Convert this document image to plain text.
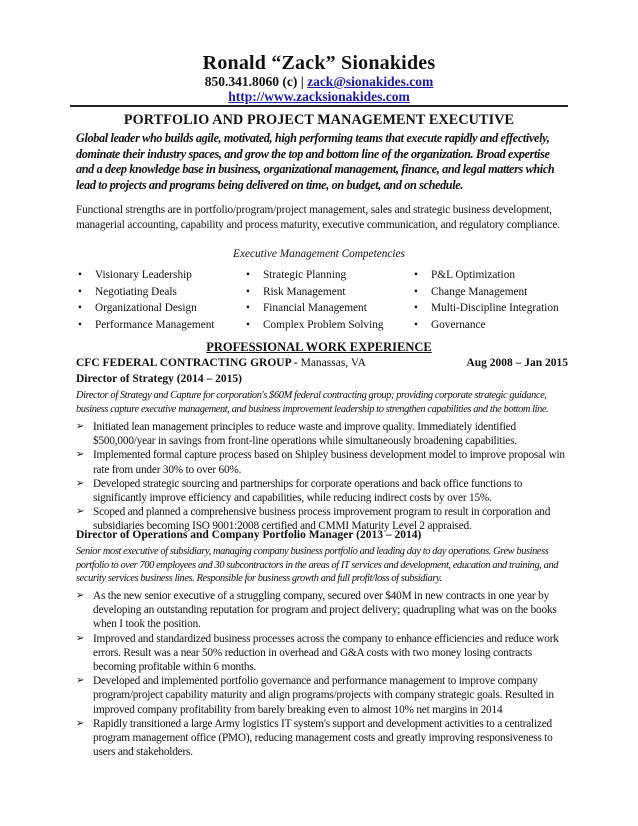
Ronald “Zack” Sionakides
850.341.8060 (c) | zack@sionakides.com
http://www.zacksionakides.com
PORTFOLIO AND PROJECT MANAGEMENT EXECUTIVE
Global leader who builds agile, motivated, high performing teams that execute rapidly and effectively, dominate their industry spaces, and grow the top and bottom line of the organization. Broad expertise and a deep knowledge base in business, organizational management, finance, and legal matters which lead to projects and programs being delivered on time, on budget, and on schedule.
Functional strengths are in portfolio/program/project management, sales and strategic business development, managerial accounting, capability and process maturity, executive communication, and regulatory compliance.
Executive Management Competencies
• Visionary Leadership
• Negotiating Deals
• Organizational Design
• Performance Management
• Strategic Planning
• Risk Management
• Financial Management
• Complex Problem Solving
• P&L Optimization
• Change Management
• Multi-Discipline Integration
• Governance
PROFESSIONAL WORK EXPERIENCE
CFC FEDERAL CONTRACTING GROUP - Manassas, VA	Aug 2008 – Jan 2015
Director of Strategy (2014 – 2015)
Director of Strategy and Capture for corporation's $60M federal contracting group; providing corporate strategic guidance, business capture executive management, and business improvement leadership to strengthen capabilities and the bottom line.
➢ Initiated lean management principles to reduce waste and improve quality. Immediately identified $500,000/year in savings from front-line operations while simultaneously broadening capabilities.
➢ Implemented formal capture process based on Shipley business development model to improve proposal win rate from under 30% to over 60%.
➢ Developed strategic sourcing and partnerships for corporate operations and back office functions to significantly improve efficiency and capabilities, while reducing indirect costs by over 15%.
➢ Scoped and planned a comprehensive business process improvement program to result in corporation and subsidiaries becoming ISO 9001:2008 certified and CMMI Maturity Level 2 appraised.
Director of Operations and Company Portfolio Manager (2013 – 2014)
Senior most executive of subsidiary, managing company business portfolio and leading day to day operations. Grew business portfolio to over 700 employees and 30 subcontractors in the areas of IT services and development, education and training, and security services business lines. Responsible for business growth and full profit/loss of subsidiary.
➢ As the new senior executive of a struggling company, secured over $40M in new contracts in one year by developing an outstanding reputation for program and project delivery; quadrupling what was on the books when I took the position.
➢ Improved and standardized business processes across the company to enhance efficiencies and reduce work errors. Result was a near 50% reduction in overhead and G&A costs with two money losing contracts becoming profitable within 6 months.
➢ Developed and implemented portfolio governance and performance management to improve company program/project capability maturity and align programs/projects with company strategic goals. Resulted in improved company profitability from barely breaking even to almost 10% net margins in 2014
➢ Rapidly transitioned a large Army logistics IT system's support and development activities to a centralized program management office (PMO), reducing management costs and greatly improving responsiveness to users and stakeholders.
